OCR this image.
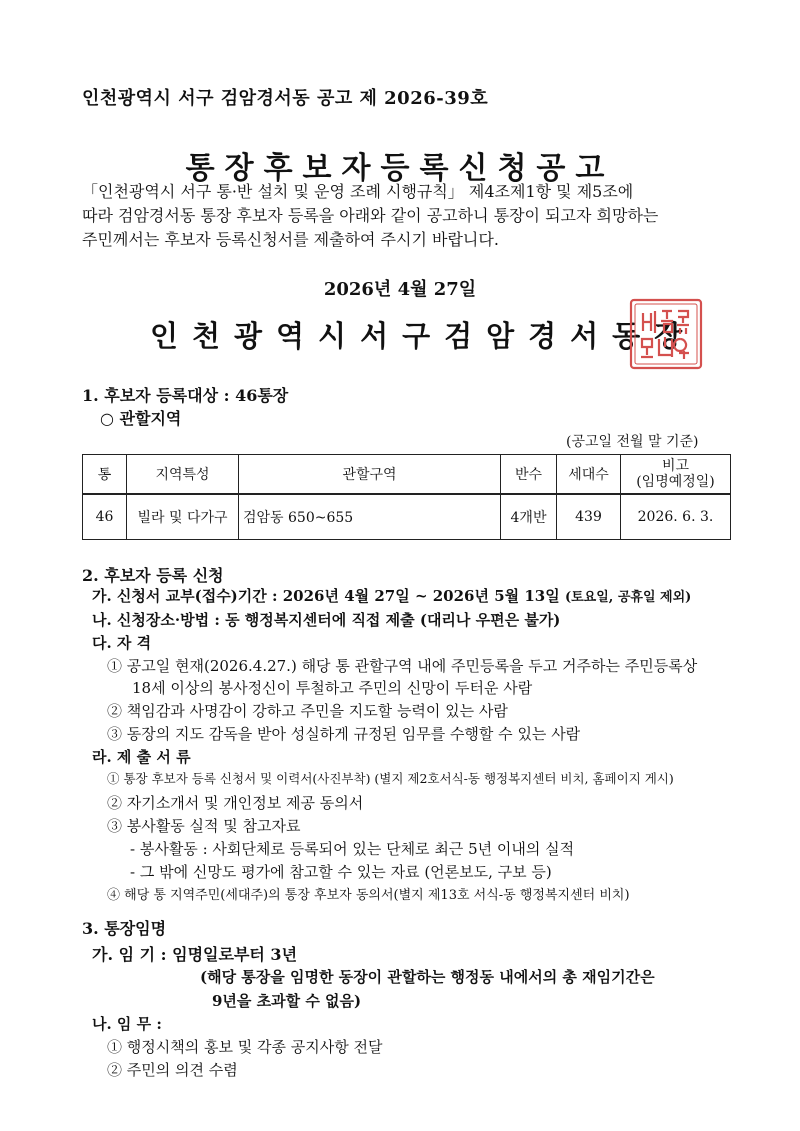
인천광역시 서구 검암경서동 공고 제 2026-39호
통장후보자등록신청공고

「인천광역시 서구 통·반 설치 및 운영 조례 시행규칙」 제4조제1항 및 제5조에

따라 검암경서동 통장 후보자 등록을 아래와 같이 공고하니 통장이 되고자 희망하는

주민께서는 후보자 등록신청서를 제출하여 주시기 바랍니다.

2026년 4월 27일
인천광역시서구검암경서동장
1. 후보자 등록대상 : 46통장
○ 관할지역
(공고일 전월 말 기준)
통	지역특성	관할구역	반수	세대수	비고
(임명예정일)

46	빌라 및 다가구	검암동 650~655	4개반	439	2026. 6. 3.
2. 후보자 등록 신청
가. 신청서 교부(접수)기간 : 2026년 4월 27일 ~ 2026년 5월 13일 (토요일, 공휴일 제외)
나. 신청장소·방법 : 동 행정복지센터에 직접 제출 (대리나 우편은 불가)
다. 자 격
① 공고일 현재(2026.4.27.) 해당 통 관할구역 내에 주민등록을 두고 거주하는 주민등록상
18세 이상의 봉사정신이 투철하고 주민의 신망이 두터운 사람
② 책임감과 사명감이 강하고 주민을 지도할 능력이 있는 사람
③ 동장의 지도 감독을 받아 성실하게 규정된 임무를 수행할 수 있는 사람
라. 제 출 서 류
① 통장 후보자 등록 신청서 및 이력서(사진부착) (별지 제2호서식-동 행정복지센터 비치, 홈페이지 게시)
② 자기소개서 및 개인정보 제공 동의서
③ 봉사활동 실적 및 참고자료
- 봉사활동 : 사회단체로 등록되어 있는 단체로 최근 5년 이내의 실적
- 그 밖에 신망도 평가에 참고할 수 있는 자료 (언론보도, 구보 등)
④ 해당 통 지역주민(세대주)의 통장 후보자 동의서(별지 제13호 서식-동 행정복지센터 비치)
3. 통장임명
가. 임 기 : 임명일로부터 3년
(해당 통장을 임명한 동장이 관할하는 행정동 내에서의 총 재임기간은
9년을 초과할 수 없음)
나. 임 무 :
① 행정시책의 홍보 및 각종 공지사항 전달
② 주민의 의견 수렴
